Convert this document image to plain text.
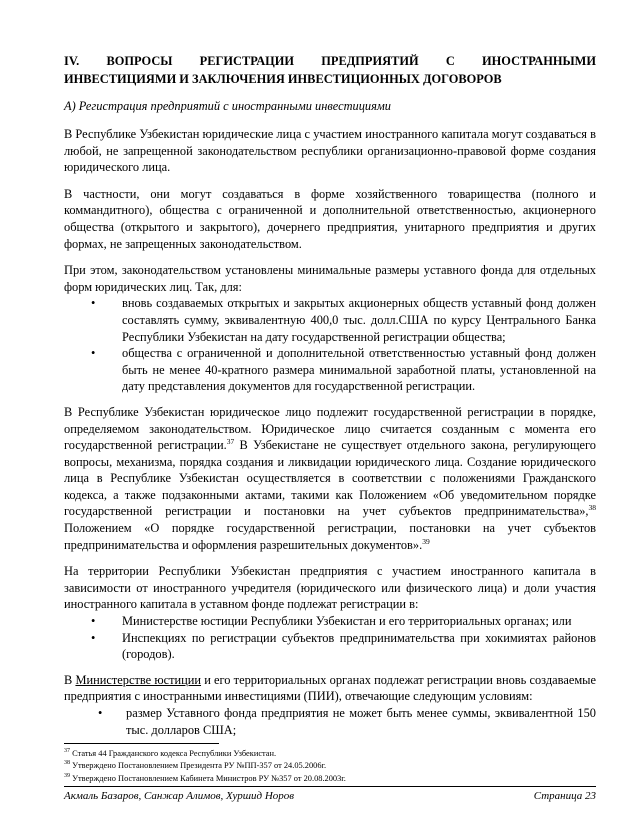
IV. ВОПРОСЫ РЕГИСТРАЦИИ ПРЕДПРИЯТИЙ С ИНОСТРАННЫМИ
ИНВЕСТИЦИЯМИ И ЗАКЛЮЧЕНИЯ ИНВЕСТИЦИОННЫХ ДОГОВОРОВ
А) Регистрация предприятий с иностранными инвестициями

В Республике Узбекистан юридические лица с участием иностранного капитала могут создаваться в любой, не запрещенной законодательством республики организационно-правовой форме создания юридического лица.

В частности, они могут создаваться в форме хозяйственного товарищества (полного и коммандитного), общества с ограниченной и дополнительной ответственностью, акционерного общества (открытого и закрытого), дочернего предприятия, унитарного предприятия и других формах, не запрещенных законодательством.

При этом, законодательством установлены минимальные размеры уставного фонда для отдельных форм юридических лиц. Так, для:

• вновь создаваемых открытых и закрытых акционерных обществ уставный фонд должен составлять сумму, эквивалентную 400,0 тыс. долл.США по курсу Центрального Банка Республики Узбекистан на дату государственной регистрации общества;
• общества с ограниченной и дополнительной ответственностью уставный фонд должен быть не менее 40-кратного размера минимальной заработной платы, установленной на дату представления документов для государственной регистрации.

В Республике Узбекистан юридическое лицо подлежит государственной регистрации в порядке, определяемом законодательством. Юридическое лицо считается созданным с момента его государственной регистрации.$^{37}$ В Узбекистане не существует отдельного закона, регулирующего вопросы, механизма, порядка создания и ликвидации юридического лица. Создание юридического лица в Республике Узбекистан осуществляется в соответствии с положениями Гражданского кодекса, а также подзаконными актами, такими как Положением «Об уведомительном порядке государственной регистрации и постановки на учет субъектов предпринимательства»,$^{38}$ Положением «О порядке государственной регистрации, постановки на учет субъектов предпринимательства и оформления разрешительных документов».$^{39}$

На территории Республики Узбекистан предприятия с участием иностранного капитала в зависимости от иностранного учредителя (юридического или физического лица) и доли участия иностранного капитала в уставном фонде подлежат регистрации в:

• Министерстве юстиции Республики Узбекистан и его территориальных органах; или
• Инспекциях по регистрации субъектов предпринимательства при хокимиятах районов (городов).

В Министерстве юстиции и его территориальных органах подлежат регистрации вновь создаваемые предприятия с иностранными инвестициями (ПИИ), отвечающие следующим условиям:

• размер Уставного фонда предприятия не может быть менее суммы, эквивалентной 150 тыс. долларов США;
$^{37}$ Статья 44 Гражданского кодекса Республики Узбекистан.
$^{38}$ Утверждено Постановлением Президента РУ №ПП-357 от 24.05.2006г.
$^{39}$ Утверждено Постановлением Кабинета Министров РУ №357 от 20.08.2003г.
Акмаль Базаров, Санжар Алимов, Хуршид Норов	Страница 23
